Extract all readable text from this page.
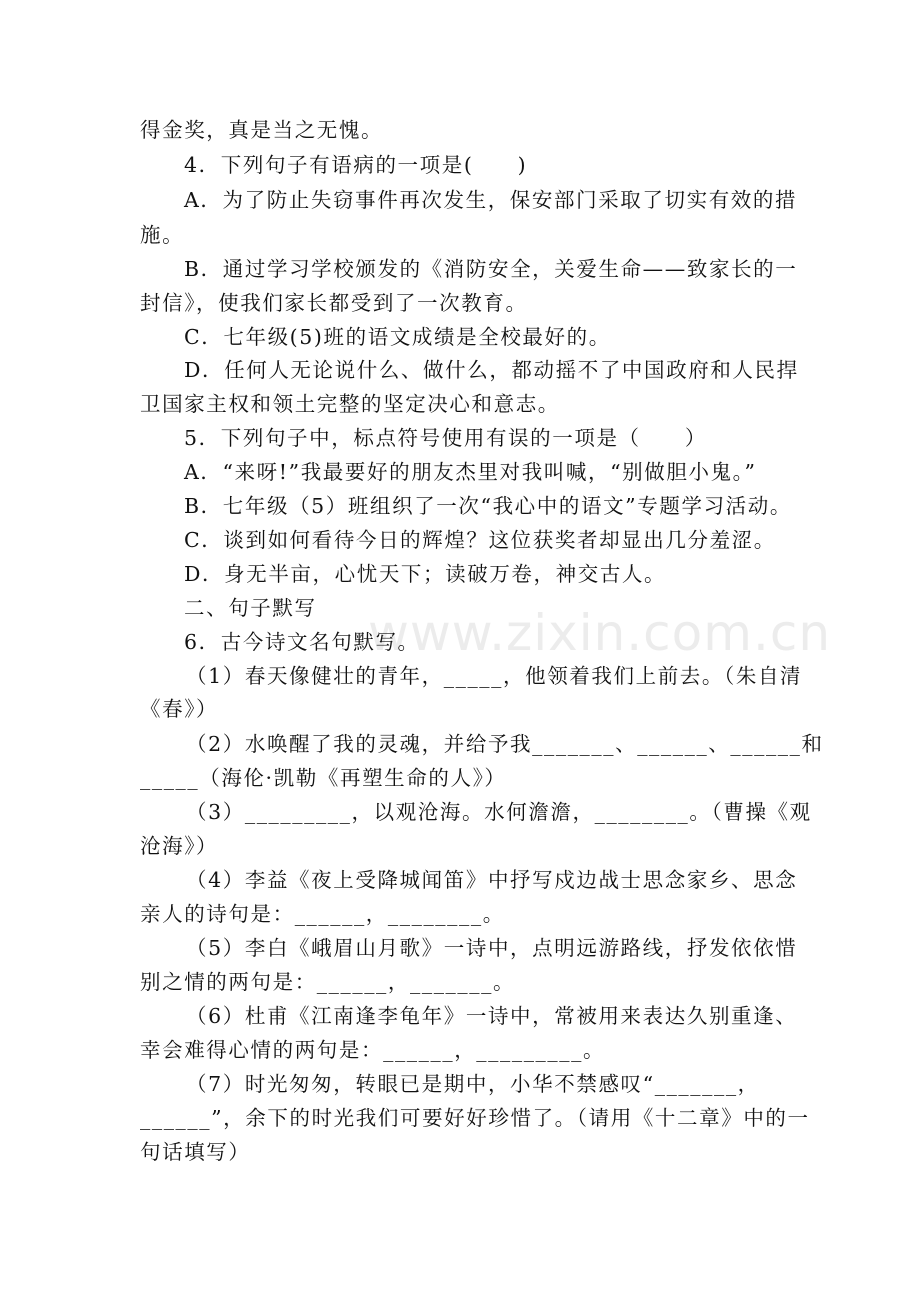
www.zixin.com.cn
得金奖，真是当之无愧。
4．下列句子有语病的一项是(　　)
A．为了防止失窃事件再次发生，保安部门采取了切实有效的措
施。
B．通过学习学校颁发的《消防安全，关爱生命——致家长的一
封信》，使我们家长都受到了一次教育。
C．七年级(5)班的语文成绩是全校最好的。
D．任何人无论说什么、做什么，都动摇不了中国政府和人民捍
卫国家主权和领土完整的坚定决心和意志。
5．下列句子中，标点符号使用有误的一项是（　　）
A．“来呀!”我最要好的朋友杰里对我叫喊，“别做胆小鬼。”
B．七年级（5）班组织了一次“我心中的语文”专题学习活动。
C．谈到如何看待今日的辉煌？这位获奖者却显出几分羞涩。
D．身无半亩，心忧天下；读破万卷，神交古人。
二、句子默写
6．古今诗文名句默写。
（1）春天像健壮的青年，_____，他领着我们上前去。（朱自清
《春》）
（2）水唤醒了我的灵魂，并给予我_______、______、______和
_____（海伦·凯勒《再塑生命的人》）
（3）_________，以观沧海。水何澹澹，________。（曹操《观
沧海》）
（4）李益《夜上受降城闻笛》中抒写戍边战士思念家乡、思念
亲人的诗句是：______，________。
（5）李白《峨眉山月歌》一诗中，点明远游路线，抒发依依惜
别之情的两句是：______，_______。
（6）杜甫《江南逢李龟年》一诗中，常被用来表达久别重逢、
幸会难得心情的两句是：______，_________。
（7）时光匆匆，转眼已是期中，小华不禁感叹“_______，
______”，余下的时光我们可要好好珍惜了。（请用《十二章》中的一
句话填写）
